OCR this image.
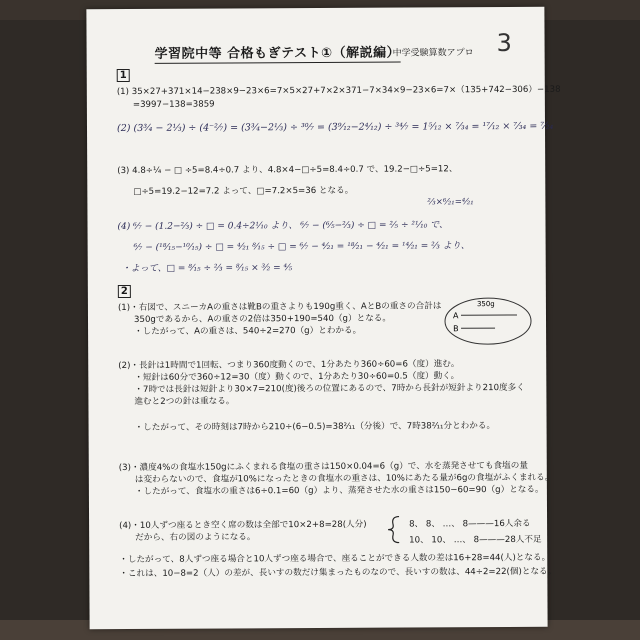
学習院中等 合格もぎテスト①（解説編）
中学受験算数アプロ 3
1
(1) 35×27+371×14−238×9−23×6=7×5×27+7×2×371−7×34×9−23×6=7×（135+742−306）−138
=3997−138=3859
(2) (3³⁄₄ − 2¹⁄₃) ÷ (4⁻²⁄₇) = (3³⁄₄−2¹⁄₃) ÷ ³⁰⁄₇ = (3⁹⁄₁₂−2⁴⁄₁₂) ÷ ³⁴⁄₇ = 1⁵⁄₁₂ × ⁷⁄₃₄ = ¹⁷⁄₁₂ × ⁷⁄₃₄ = ⁷⁄₂₄
(3) 4.8÷¹⁄₄ − □ ÷5=8.4÷0.7 より、4.8×4−□÷5=8.4÷0.7 で、19.2−□÷5=12、
□÷5=19.2−12=7.2 よって、□=7.2×5=36 となる。
²⁄₃×⁶⁄₂₁=⁴⁄₂₁
(4) ⁶⁄₇ − (1.2−²⁄₃) ÷ □ = 0.4÷2¹⁄₁₀ より、 ⁶⁄₇ − (⁶⁄₅−²⁄₃) ÷ □ = ²⁄₅ ÷ ²¹⁄₁₀ で、
⁶⁄₇ − (¹⁸⁄₁₅−¹⁰⁄₁₅) ÷ □ = ⁴⁄₂₁ ⁸⁄₁₅ ÷ □ = ⁶⁄₇ − ⁴⁄₂₁ = ¹⁸⁄₂₁ − ⁴⁄₂₁ = ¹⁴⁄₂₁ = ²⁄₃ より、
・よって、□ = ⁸⁄₁₅ ÷ ²⁄₃ = ⁸⁄₁₅ × ³⁄₂ = ⁴⁄₅
2
(1)・右図で、スニーカAの重さは靴Bの重さよりも190g重く、AとBの重さの合計は
350gであるから、Aの重さの2倍は350+190=540（g）となる。
・したがって、Aの重さは、540÷2=270（g）とわかる。
(2)・長針は1時間で1回転、つまり360度動くので、1分あたり360÷60=6（度）進む。
・短針は60分で360÷12=30（度）動くので、1分あたり30÷60=0.5（度）動く。
・7時では長針は短針より30×7=210(度)後ろの位置にあるので、7時から長針が短針より210度多く
進むと2つの針は重なる。
・したがって、その時刻は7時から210÷(6−0.5)=38²⁄₁₁（分後）で、7時38²⁄₁₁分とわかる。
(3)・濃度4%の食塩水150gにふくまれる食塩の重さは150×0.04=6（g）で、水を蒸発させても食塩の量
は変わらないので、食塩が10%になったときの食塩水の重さは、10%にあたる量が6gの食塩がふくまれる。
・したがって、食塩水の重さは6÷0.1=60（g）より、蒸発させた水の重さは150−60=90（g）となる。
(4)・10人ずつ座るとき空く席の数は全部で10×2+8=28(人分)
だから、右の図のようになる。
8、 8、 …、 8———16人余る
10、 10、 …、 8———28人不足
・したがって、8人ずつ座る場合と10人ずつ座る場合で、座ることができる人数の差は16+28=44(人)となる。
・これは、10−8=2（人）の差が、長いすの数だけ集まったものなので、長いすの数は、44÷2=22(個)となる。
A
B
350g
